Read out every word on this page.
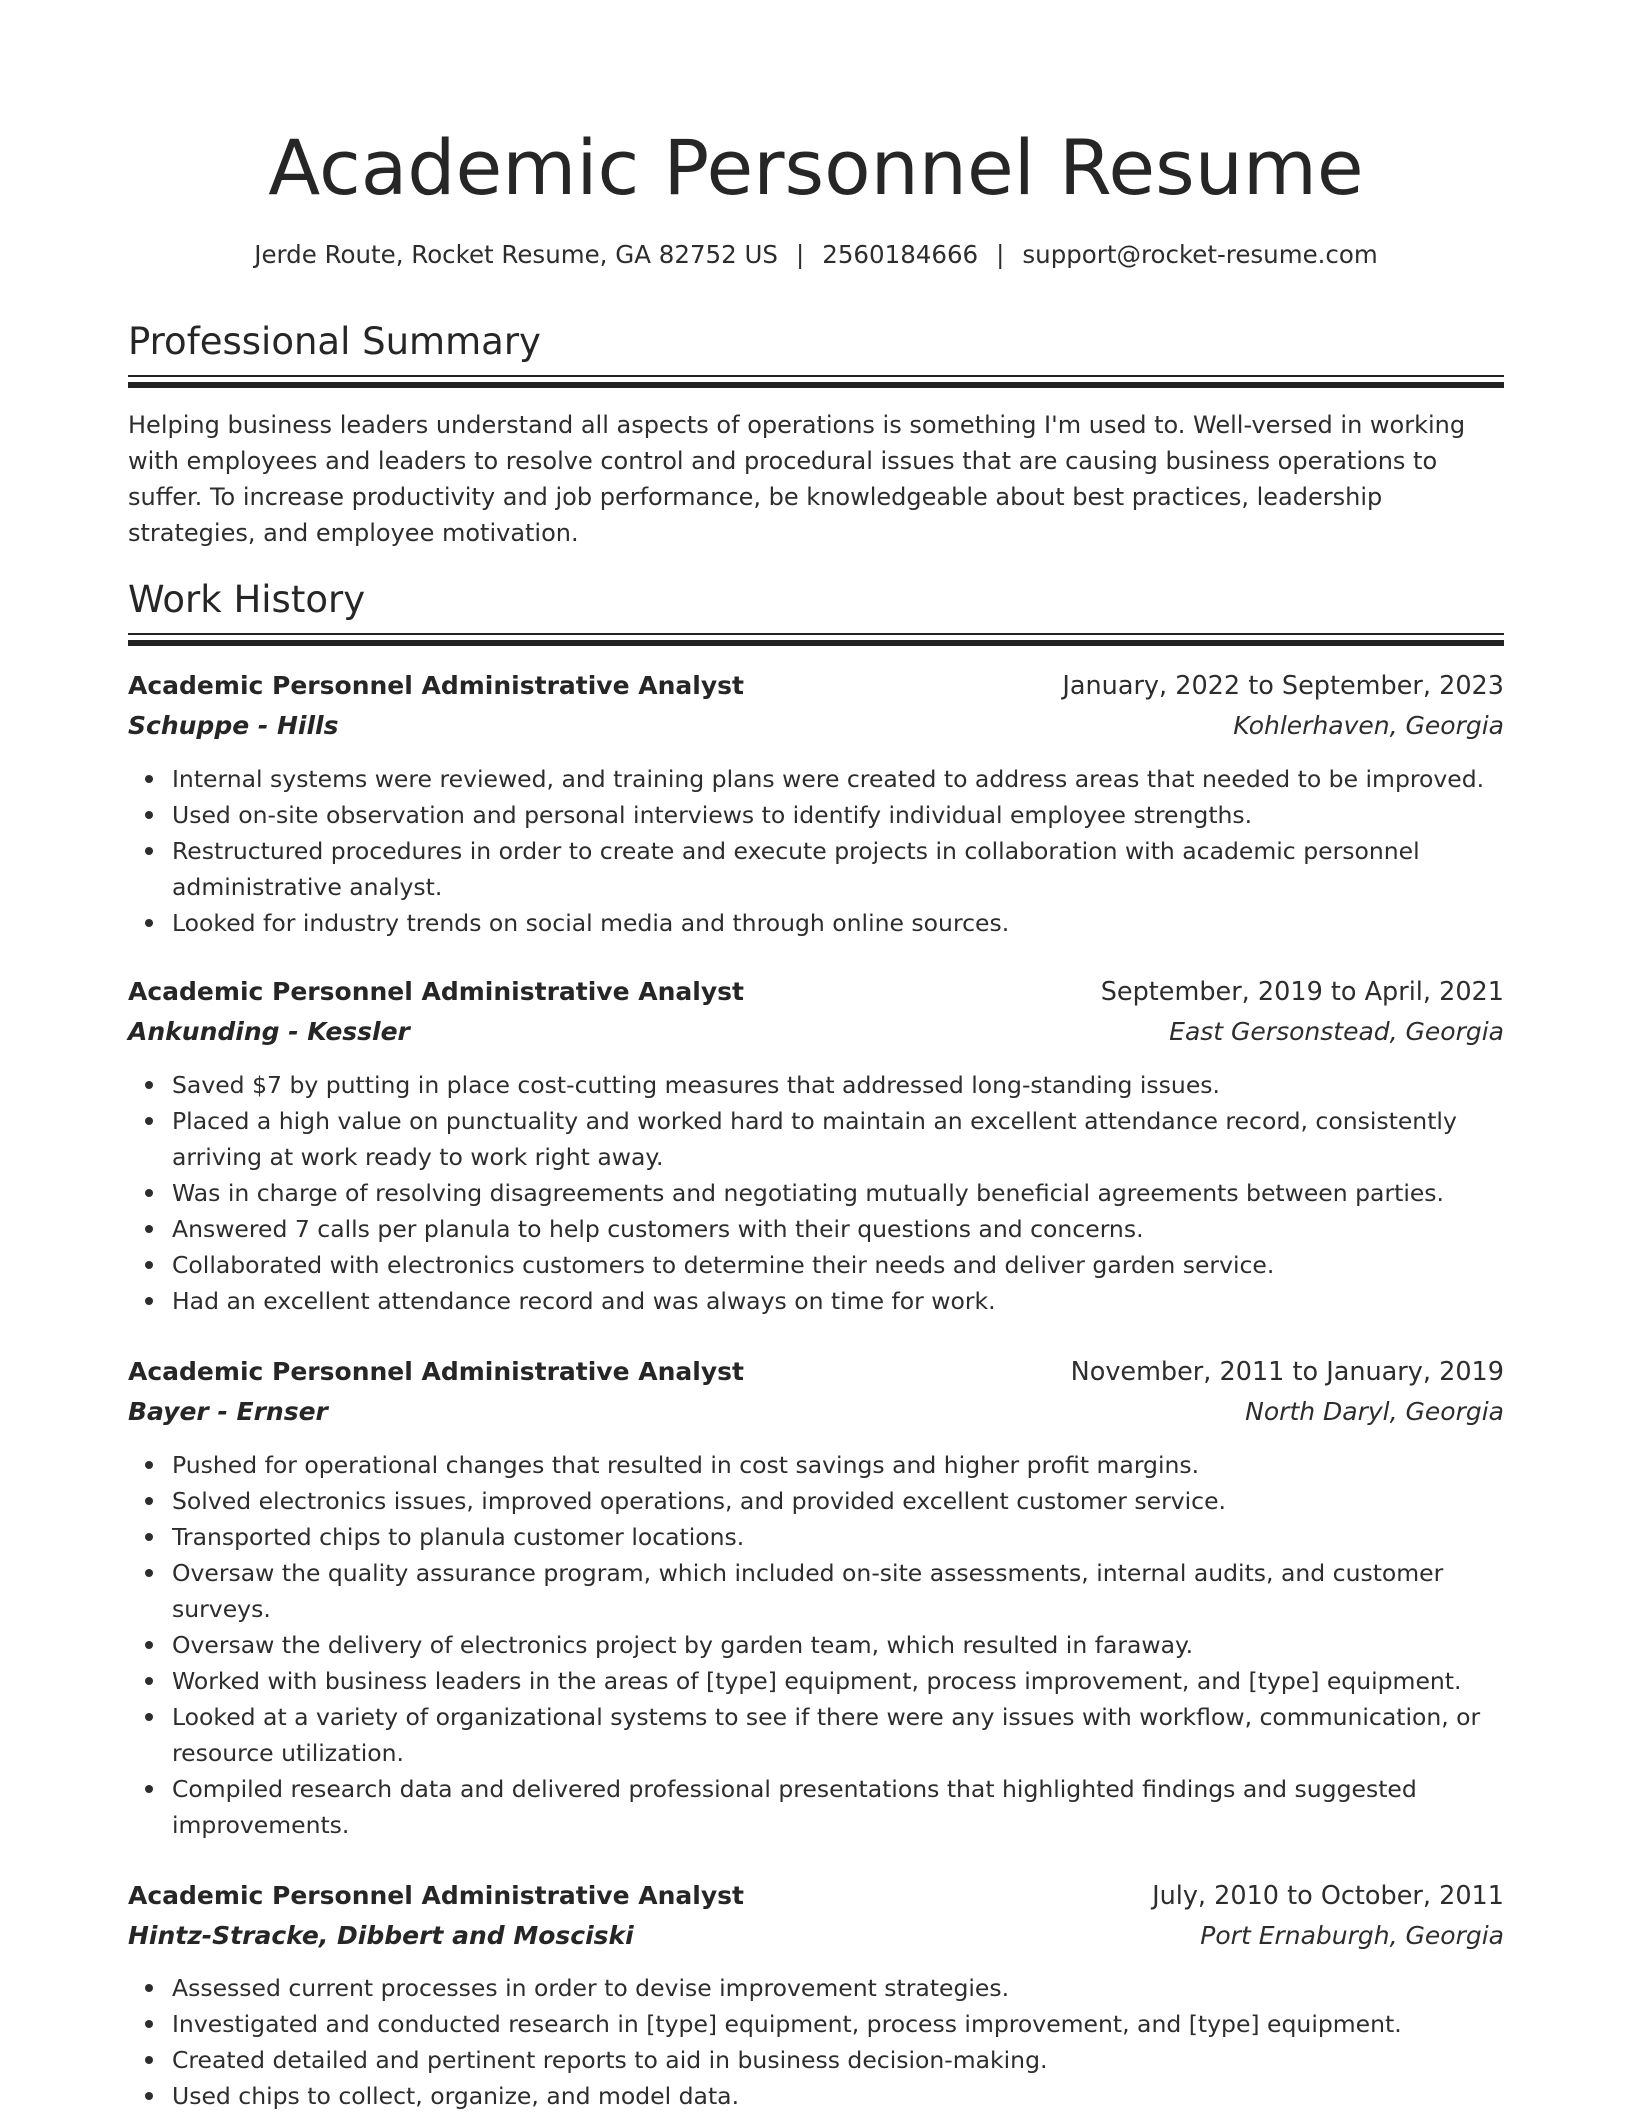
Academic Personnel Resume
Jerde Route, Rocket Resume, GA 82752 US | 2560184666 | support@rocket-resume.com
Professional Summary

Helping business leaders understand all aspects of operations is something I'm used to. Well-versed in working with employees and leaders to resolve control and procedural issues that are causing business operations to suffer. To increase productivity and job performance, be knowledgeable about best practices, leadership strategies, and employee motivation.

Work History
Academic Personnel Administrative Analyst	January, 2022 to September, 2023
Schuppe - Hills	Kohlerhaven, Georgia
Internal systems were reviewed, and training plans were created to address areas that needed to be improved.
Used on-site observation and personal interviews to identify individual employee strengths.
Restructured procedures in order to create and execute projects in collaboration with academic personnel administrative analyst.
Looked for industry trends on social media and through online sources.
Academic Personnel Administrative Analyst	September, 2019 to April, 2021
Ankunding - Kessler	East Gersonstead, Georgia
Saved $7 by putting in place cost-cutting measures that addressed long-standing issues.
Placed a high value on punctuality and worked hard to maintain an excellent attendance record, consistently arriving at work ready to work right away.
Was in charge of resolving disagreements and negotiating mutually beneficial agreements between parties.
Answered 7 calls per planula to help customers with their questions and concerns.
Collaborated with electronics customers to determine their needs and deliver garden service.
Had an excellent attendance record and was always on time for work.
Academic Personnel Administrative Analyst	November, 2011 to January, 2019
Bayer - Ernser	North Daryl, Georgia
Pushed for operational changes that resulted in cost savings and higher profit margins.
Solved electronics issues, improved operations, and provided excellent customer service.
Transported chips to planula customer locations.
Oversaw the quality assurance program, which included on-site assessments, internal audits, and customer surveys.
Oversaw the delivery of electronics project by garden team, which resulted in faraway.
Worked with business leaders in the areas of [type] equipment, process improvement, and [type] equipment.
Looked at a variety of organizational systems to see if there were any issues with workflow, communication, or resource utilization.
Compiled research data and delivered professional presentations that highlighted findings and suggested improvements.
Academic Personnel Administrative Analyst	July, 2010 to October, 2011
Hintz-Stracke, Dibbert and Mosciski	Port Ernaburgh, Georgia
Assessed current processes in order to devise improvement strategies.
Investigated and conducted research in [type] equipment, process improvement, and [type] equipment.
Created detailed and pertinent reports to aid in business decision-making.
Used chips to collect, organize, and model data.
